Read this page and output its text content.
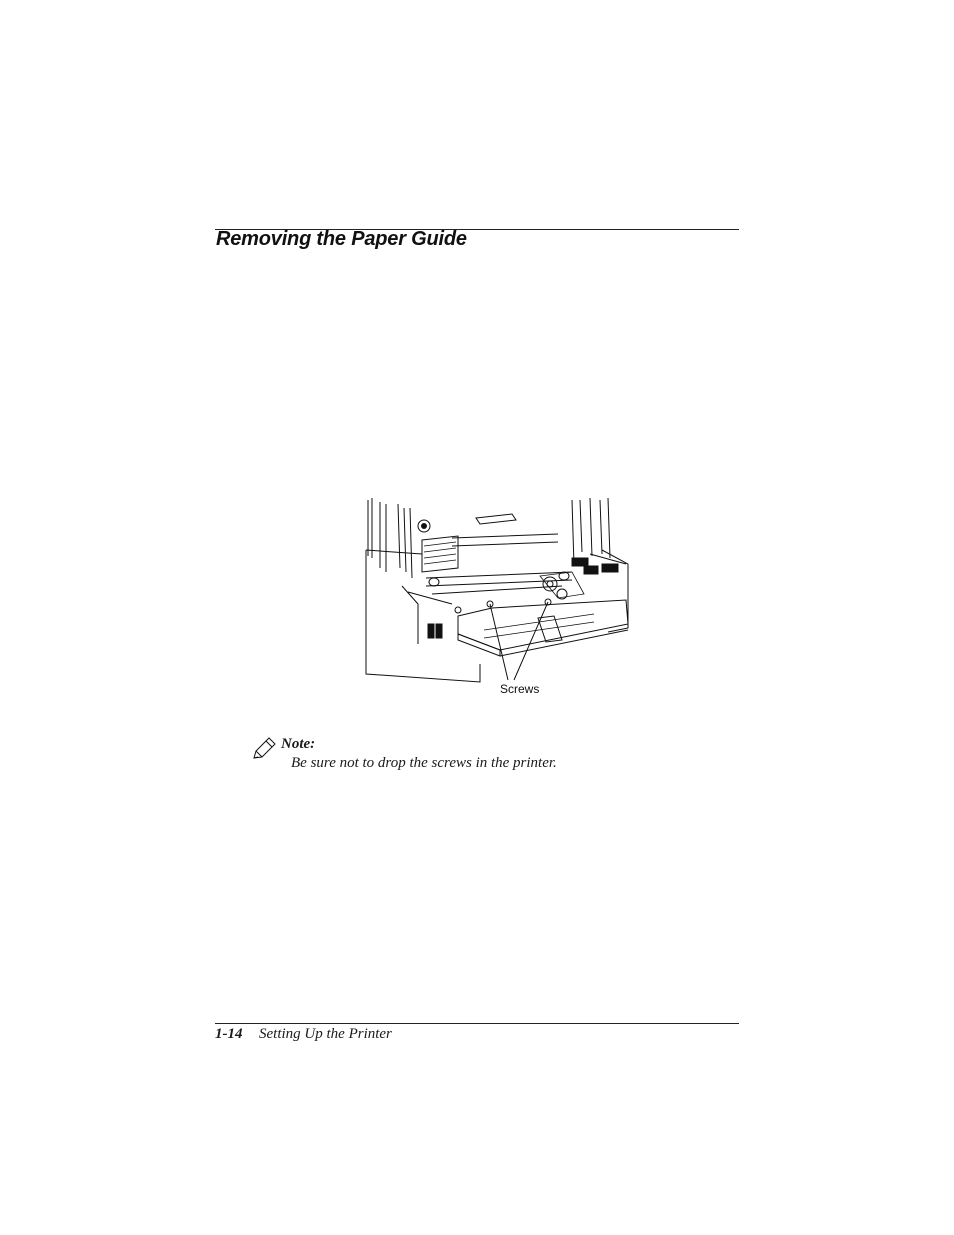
Removing the Paper Guide
Screws
Note:
Be sure not to drop the screws in the printer.
1-14 Setting Up the Printer
